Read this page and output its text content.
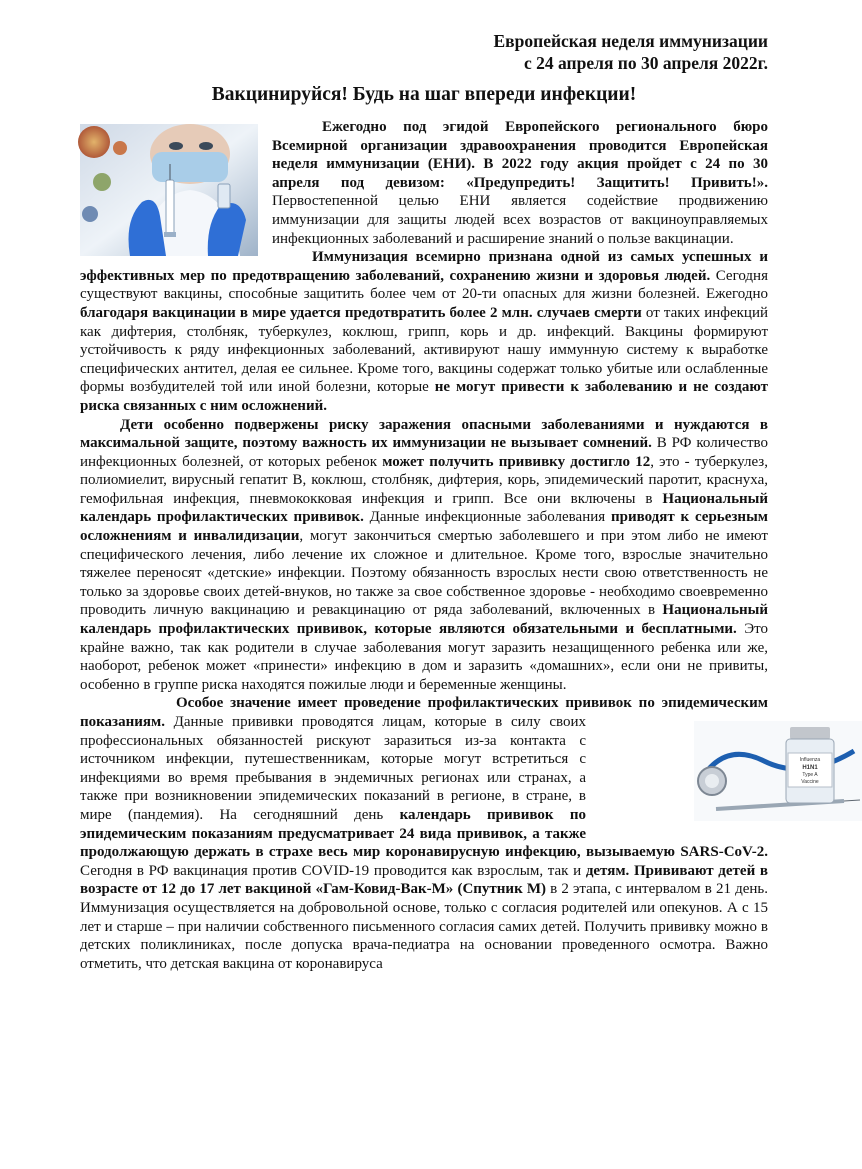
Европейская неделя иммунизации
с 24 апреля по 30 апреля 2022г.
Вакцинируйся! Будь на шаг впереди инфекции!

Ежегодно под эгидой Европейского регионального бюро Всемирной организации здравоохранения проводится Европейская неделя иммунизации (ЕНИ). В 2022 году акция пройдет с 24 по 30 апреля под девизом: «Предупредить! Защитить! Привить!». Первостепенной целью ЕНИ является содействие продвижению иммунизации для защиты людей всех возрастов от вакциноуправляемых инфекционных заболеваний и расширение знаний о пользе вакцинации.

Иммунизация всемирно признана одной из самых успешных и эффективных мер по предотвращению заболеваний, сохранению жизни и здоровья людей. Сегодня существуют вакцины, способные защитить более чем от 20-ти опасных для жизни болезней. Ежегодно благодаря вакцинации в мире удается предотвратить более 2 млн. случаев смерти от таких инфекций как дифтерия, столбняк, туберкулез, коклюш, грипп, корь и др. инфекций. Вакцины формируют устойчивость к ряду инфекционных заболеваний, активируют нашу иммунную систему к выработке специфических антител, делая ее сильнее. Кроме того, вакцины содержат только убитые или ослабленные формы возбудителей той или иной болезни, которые не могут привести к заболеванию и не создают риска связанных с ним осложнений.

Дети особенно подвержены риску заражения опасными заболеваниями и нуждаются в максимальной защите, поэтому важность их иммунизации не вызывает сомнений. В РФ количество инфекционных болезней, от которых ребенок может получить прививку достигло 12, это - туберкулез, полиомиелит, вирусный гепатит В, коклюш, столбняк, дифтерия, корь, эпидемический паротит, краснуха, гемофильная инфекция, пневмококковая инфекция и грипп. Все они включены в Национальный календарь профилактических прививок. Данные инфекционные заболевания приводят к серьезным осложнениям и инвалидизации, могут закончиться смертью заболевшего и при этом либо не имеют специфического лечения, либо лечение их сложное и длительное. Кроме того, взрослые значительно тяжелее переносят «детские» инфекции. Поэтому обязанность взрослых нести свою ответственность не только за здоровье своих детей-внуков, но также за свое собственное здоровье - необходимо своевременно проводить личную вакцинацию и ревакцинацию от ряда заболеваний, включенных в Национальный календарь профилактических прививок, которые являются обязательными и бесплатными. Это крайне важно, так как родители в случае заболевания могут заразить незащищенного ребенка или же, наоборот, ребенок может «принести» инфекцию в дом и заразить «домашних», если они не привиты, особенно в группе риска находятся пожилые люди и беременные женщины.

Особое значение имеет проведение профилактических прививок по эпидемическим показаниям.
Influenza
H1N1
Type A
Vaccine
Данные прививки проводятся лицам, которые в силу своих профессиональных обязанностей рискуют заразиться из-за контакта с источником инфекции, путешественникам, которые могут встретиться с инфекциями во время пребывания в эндемичных регионах или странах, а также при возникновении эпидемических показаний в регионе, в стране, в мире (пандемия). На сегодняшний день календарь прививок по эпидемическим показаниям предусматривает 24 вида прививок, а также продолжающую держать в страхе весь мир коронавирусную инфекцию, вызываемую SARS-CoV-2. Сегодня в РФ вакцинация против COVID-19 проводится как взрослым, так и детям. Прививают детей в возрасте от 12 до 17 лет вакциной «Гам-Ковид-Вак-М» (Спутник М) в 2 этапа, с интервалом в 21 день. Иммунизация осуществляется на добровольной основе, только с согласия родителей или опекунов. А с 15 лет и старше – при наличии собственного письменного согласия самих детей. Получить прививку можно в детских поликлиниках, после допуска врача-педиатра на основании проведенного осмотра. Важно отметить, что детская вакцина от коронавируса
